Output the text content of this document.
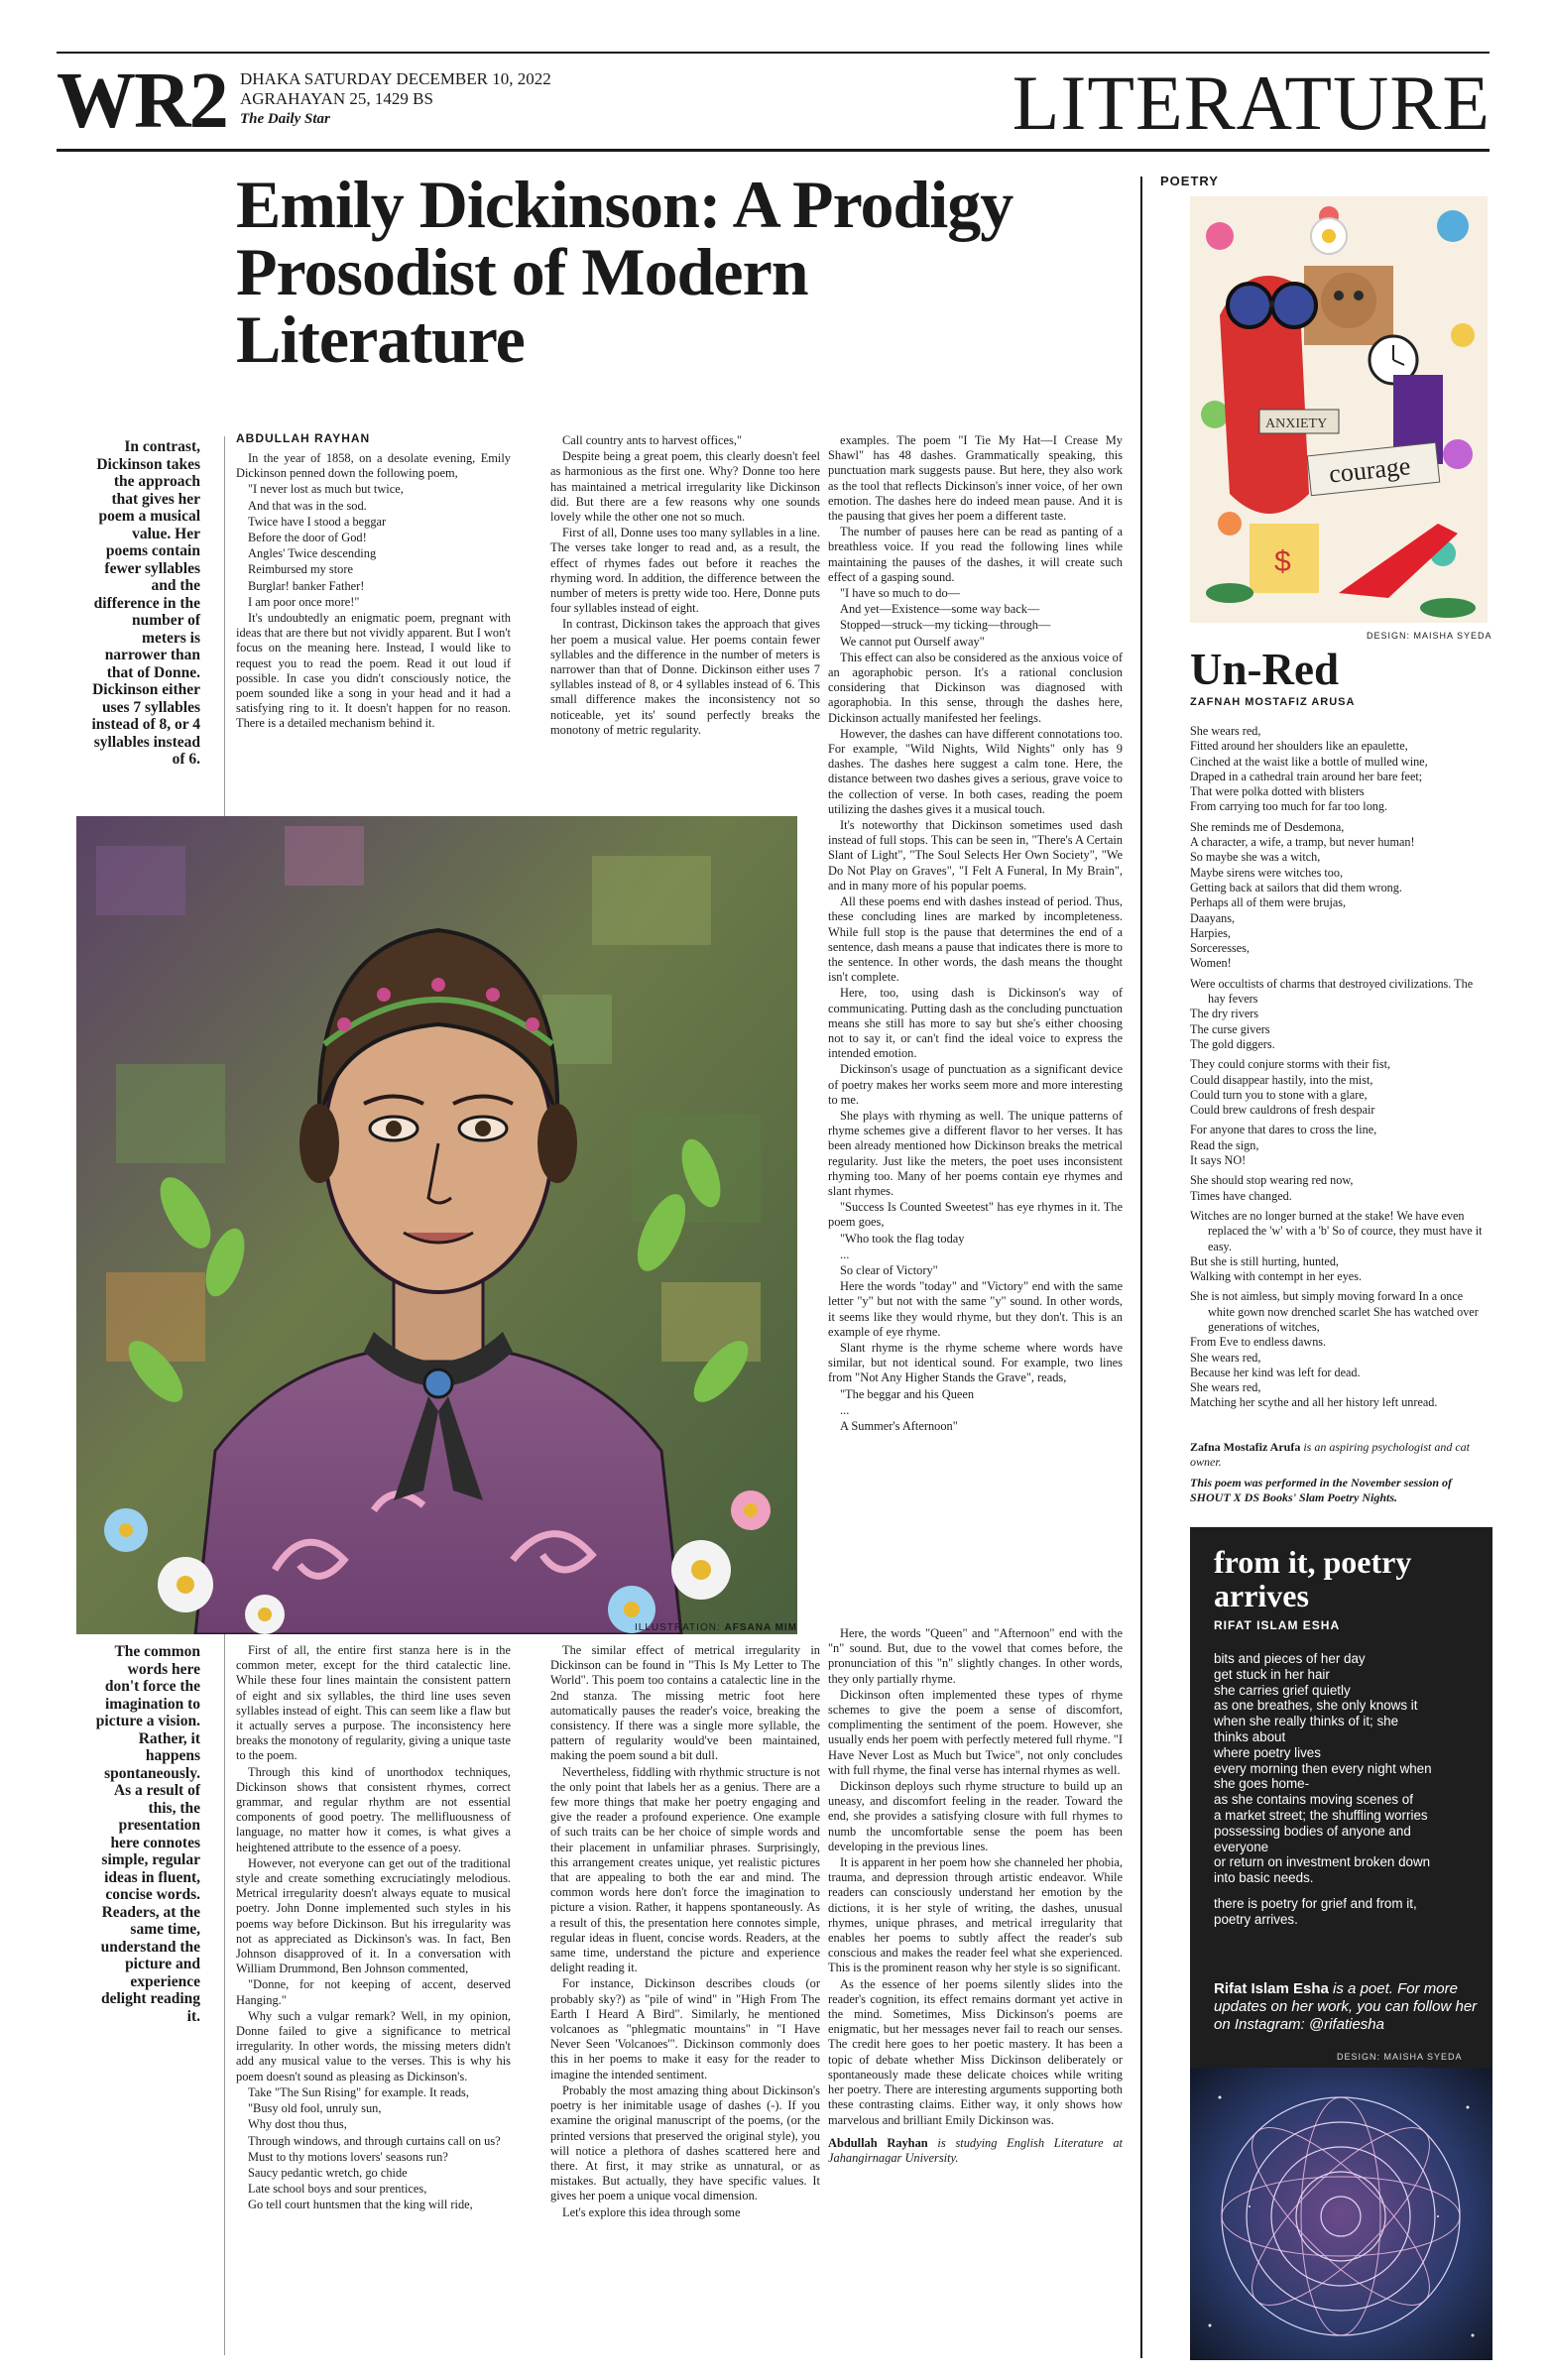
WR2 DHAKA SATURDAY DECEMBER 10, 2022
AGRAHAYAN 25, 1429 BS
The Daily Star	LITERATURE
Emily Dickinson: A Prodigy Prosodist of Modern Literature
ABDULLAH RAYHAN
In contrast, Dickinson takes the approach that gives her poem a musical value. Her poems contain fewer syllables and the difference in the number of meters is narrower than that of Donne. Dickinson either uses 7 syllables instead of 8, or 4 syllables instead of 6.
The common words here don't force the imagination to picture a vision. Rather, it happens spontaneously. As a result of this, the presentation here connotes simple, regular ideas in fluent, concise words. Readers, at the same time, understand the picture and experience delight reading it.

In the year of 1858, on a desolate evening, Emily Dickinson penned down the following poem,

"I never lost as much but twice,

And that was in the sod.

Twice have I stood a beggar

Before the door of God!

Angles' Twice descending

Reimbursed my store

Burglar! banker Father!

I am poor once more!"

It's undoubtedly an enigmatic poem, pregnant with ideas that are there but not vividly apparent. But I won't focus on the meaning here. Instead, I would like to request you to read the poem. Read it out loud if possible. In case you didn't consciously notice, the poem sounded like a song in your head and it had a satisfying ring to it. It doesn't happen for no reason. There is a detailed mechanism behind it.

Call country ants to harvest offices,"

Despite being a great poem, this clearly doesn't feel as harmonious as the first one. Why? Donne too here has maintained a metrical irregularity like Dickinson did. But there are a few reasons why one sounds lovely while the other one not so much.

First of all, Donne uses too many syllables in a line. The verses take longer to read and, as a result, the effect of rhymes fades out before it reaches the rhyming word. In addition, the difference between the number of meters is pretty wide too. Here, Donne puts four syllables instead of eight.

In contrast, Dickinson takes the approach that gives her poem a musical value. Her poems contain fewer syllables and the difference in the number of meters is narrower than that of Donne. Dickinson either uses 7 syllables instead of 8, or 4 syllables instead of 6. This small difference makes the inconsistency not so noticeable, yet its' sound perfectly breaks the monotony of metric regularity.

examples. The poem "I Tie My Hat—I Crease My Shawl" has 48 dashes. Grammatically speaking, this punctuation mark suggests pause. But here, they also work as the tool that reflects Dickinson's inner voice, of her own emotion. The dashes here do indeed mean pause. And it is the pausing that gives her poem a different taste.

The number of pauses here can be read as panting of a breathless voice. If you read the following lines while maintaining the pauses of the dashes, it will create such effect of a gasping sound.

"I have so much to do—

And yet—Existence—some way back—

Stopped—struck—my ticking—through—

We cannot put Ourself away"

This effect can also be considered as the anxious voice of an agoraphobic person. It's a rational conclusion considering that Dickinson was diagnosed with agoraphobia. In this sense, through the dashes here, Dickinson actually manifested her feelings.

However, the dashes can have different connotations too. For example, "Wild Nights, Wild Nights" only has 9 dashes. The dashes here suggest a calm tone. Here, the distance between two dashes gives a serious, grave voice to the collection of verse. In both cases, reading the poem utilizing the dashes gives it a musical touch.

It's noteworthy that Dickinson sometimes used dash instead of full stops. This can be seen in, "There's A Certain Slant of Light", "The Soul Selects Her Own Society", "We Do Not Play on Graves", "I Felt A Funeral, In My Brain", and in many more of his popular poems.

All these poems end with dashes instead of period. Thus, these concluding lines are marked by incompleteness. While full stop is the pause that determines the end of a sentence, dash means a pause that indicates there is more to the sentence. In other words, the dash means the thought isn't complete.

Here, too, using dash is Dickinson's way of communicating. Putting dash as the concluding punctuation means she still has more to say but she's either choosing not to say it, or can't find the ideal voice to express the intended emotion.

Dickinson's usage of punctuation as a significant device of poetry makes her works seem more and more interesting to me.

She plays with rhyming as well. The unique patterns of rhyme schemes give a different flavor to her verses. It has been already mentioned how Dickinson breaks the metrical regularity. Just like the meters, the poet uses inconsistent rhyming too. Many of her poems contain eye rhymes and slant rhymes.

"Success Is Counted Sweetest" has eye rhymes in it. The poem goes,

"Who took the flag today

...

So clear of Victory"

Here the words "today" and "Victory" end with the same letter "y" but not with the same "y" sound. In other words, it seems like they would rhyme, but they don't. This is an example of eye rhyme.

Slant rhyme is the rhyme scheme where words have similar, but not identical sound. For example, two lines from "Not Any Higher Stands the Grave", reads,

"The beggar and his Queen

...

A Summer's Afternoon"

First of all, the entire first stanza here is in the common meter, except for the third catalectic line. While these four lines maintain the consistent pattern of eight and six syllables, the third line uses seven syllables instead of eight. This can seem like a flaw but it actually serves a purpose. The inconsistency here breaks the monotony of regularity, giving a unique taste to the poem.

Through this kind of unorthodox techniques, Dickinson shows that consistent rhymes, correct grammar, and regular rhythm are not essential components of good poetry. The mellifluousness of language, no matter how it comes, is what gives a heightened attribute to the essence of a poesy.

However, not everyone can get out of the traditional style and create something excruciatingly melodious. Metrical irregularity doesn't always equate to musical poetry. John Donne implemented such styles in his poems way before Dickinson. But his irregularity was not as appreciated as Dickinson's was. In fact, Ben Johnson disapproved of it. In a conversation with William Drummond, Ben Johnson commented,

"Donne, for not keeping of accent, deserved Hanging."

Why such a vulgar remark? Well, in my opinion, Donne failed to give a significance to metrical irregularity. In other words, the missing meters didn't add any musical value to the verses. This is why his poem doesn't sound as pleasing as Dickinson's.

Take "The Sun Rising" for example. It reads,

"Busy old fool, unruly sun,

Why dost thou thus,

Through windows, and through curtains call on us?

Must to thy motions lovers' seasons run?

Saucy pedantic wretch, go chide

Late school boys and sour prentices,

Go tell court huntsmen that the king will ride,

The similar effect of metrical irregularity in Dickinson can be found in "This Is My Letter to The World". This poem too contains a catalectic line in the 2nd stanza. The missing metric foot here automatically pauses the reader's voice, breaking the consistency. If there was a single more syllable, the pattern of regularity would've been maintained, making the poem sound a bit dull.

Nevertheless, fiddling with rhythmic structure is not the only point that labels her as a genius. There are a few more things that make her poetry engaging and give the reader a profound experience. One example of such traits can be her choice of simple words and their placement in unfamiliar phrases. Surprisingly, this arrangement creates unique, yet realistic pictures that are appealing to both the ear and mind. The common words here don't force the imagination to picture a vision. Rather, it happens spontaneously. As a result of this, the presentation here connotes simple, regular ideas in fluent, concise words. Readers, at the same time, understand the picture and experience delight reading it.

For instance, Dickinson describes clouds (or probably sky?) as "pile of wind" in "High From The Earth I Heard A Bird". Similarly, he mentioned volcanoes as "phlegmatic mountains" in "I Have Never Seen 'Volcanoes'". Dickinson commonly does this in her poems to make it easy for the reader to imagine the intended sentiment.

Probably the most amazing thing about Dickinson's poetry is her inimitable usage of dashes (-). If you examine the original manuscript of the poems, (or the printed versions that preserved the original style), you will notice a plethora of dashes scattered here and there. At first, it may strike as unnatural, or as mistakes. But actually, they have specific values. It gives her poem a unique vocal dimension.

Let's explore this idea through some

Here, the words "Queen" and "Afternoon" end with the "n" sound. But, due to the vowel that comes before, the pronunciation of this "n" slightly changes. In other words, they only partially rhyme.

Dickinson often implemented these types of rhyme schemes to give the poem a sense of discomfort, complimenting the sentiment of the poem. However, she usually ends her poem with perfectly metered full rhyme. "I Have Never Lost as Much but Twice", not only concludes with full rhyme, the final verse has internal rhymes as well.

Dickinson deploys such rhyme structure to build up an uneasy, and discomfort feeling in the reader. Toward the end, she provides a satisfying closure with full rhymes to numb the uncomfortable sense the poem has been developing in the previous lines.

It is apparent in her poem how she channeled her phobia, trauma, and depression through artistic endeavor. While readers can consciously understand her emotion by the dictions, it is her style of writing, the dashes, unusual rhymes, unique phrases, and metrical irregularity that enables her poems to subtly affect the reader's sub conscious and makes the reader feel what she experienced. This is the prominent reason why her style is so significant.

As the essence of her poems silently slides into the reader's cognition, its effect remains dormant yet active in the mind. Sometimes, Miss Dickinson's poems are enigmatic, but her messages never fail to reach our senses. The credit here goes to her poetic mastery. It has been a topic of debate whether Miss Dickinson deliberately or spontaneously made these delicate choices while writing her poetry. There are interesting arguments supporting both these contrasting claims. Either way, it only shows how marvelous and brilliant Emily Dickinson was.

Abdullah Rayhan is studying English Literature at Jahangirnagar University.

ILLUSTRATION: AFSANA MIM
POETRY
ANXIETY
courage
$
DESIGN: MAISHA SYEDA
Un-Red
ZAFNAH MOSTAFIZ ARUSA
She wears red,
Fitted around her shoulders like an epaulette,
Cinched at the waist like a bottle of mulled wine,
Draped in a cathedral train around her bare feet;
That were polka dotted with blisters
From carrying too much for far too long.
She reminds me of Desdemona,
A character, a wife, a tramp, but never human!
So maybe she was a witch,
Maybe sirens were witches too,
Getting back at sailors that did them wrong.
Perhaps all of them were brujas,
Daayans,
Harpies,
Sorceresses,
Women!
Were occultists of charms that destroyed civilizations. The hay fevers
The dry rivers
The curse givers
The gold diggers.
They could conjure storms with their fist,
Could disappear hastily, into the mist,
Could turn you to stone with a glare,
Could brew cauldrons of fresh despair
For anyone that dares to cross the line,
Read the sign,
It says NO!
She should stop wearing red now,
Times have changed.
Witches are no longer burned at the stake! We have even replaced the 'w' with a 'b' So of cource, they must have it easy.
But she is still hurting, hunted,
Walking with contempt in her eyes.
She is not aimless, but simply moving forward In a once white gown now drenched scarlet She has watched over generations of witches,
From Eve to endless dawns.
She wears red,
Because her kind was left for dead.
She wears red,
Matching her scythe and all her history left unread.
Zafna Mostafiz Arufa is an aspiring psychologist and cat owner.
This poem was performed in the November session of SHOUT X DS Books' Slam Poetry Nights.
from it, poetry arrives
RIFAT ISLAM ESHA
bits and pieces of her day
get stuck in her hair
she carries grief quietly
as one breathes, she only knows it
when she really thinks of it; she
thinks about
where poetry lives
every morning then every night when
she goes home-
as she contains moving scenes of
a market street; the shuffling worries
possessing bodies of anyone and
everyone
or return on investment broken down
into basic needs.
there is poetry for grief and from it,
poetry arrives.
Rifat Islam Esha is a poet. For more updates on her work, you can follow her on Instagram: @rifatiesha
DESIGN: MAISHA SYEDA
